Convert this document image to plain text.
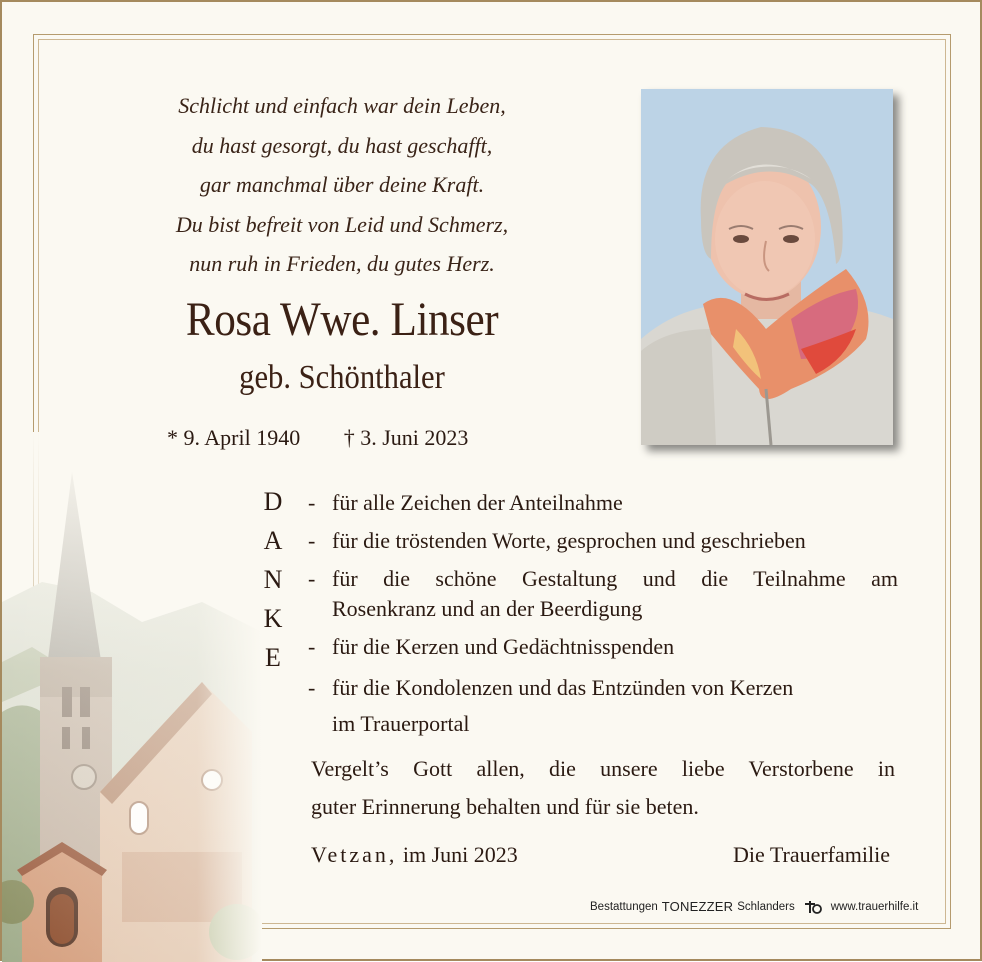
Schlicht und einfach war dein Leben,
du hast gesorgt, du hast geschafft,
gar manchmal über deine Kraft.
Du bist befreit von Leid und Schmerz,
nun ruh in Frieden, du gutes Herz.
Rosa Wwe. Linser
geb. Schönthaler
* 9. April 1940 † 3. Juni 2023
D
A
N
K
E
- für alle Zeichen der Anteilnahme
- für die tröstenden Worte, gesprochen und geschrieben
- für die schöne Gestaltung und die Teilnahme am
Rosenkranz und an der Beerdigung
- für die Kerzen und Gedächtnisspenden
- für die Kondolenzen und das Entzünden von Kerzen
im Trauerportal
Vergelt’s Gott allen, die unsere liebe Verstorbene in
guter Erinnerung behalten und für sie beten.
Vetzan, im Juni 2023	Die Trauerfamilie
Bestattungen TONEZZER Schlanders	www.trauerhilfe.it
